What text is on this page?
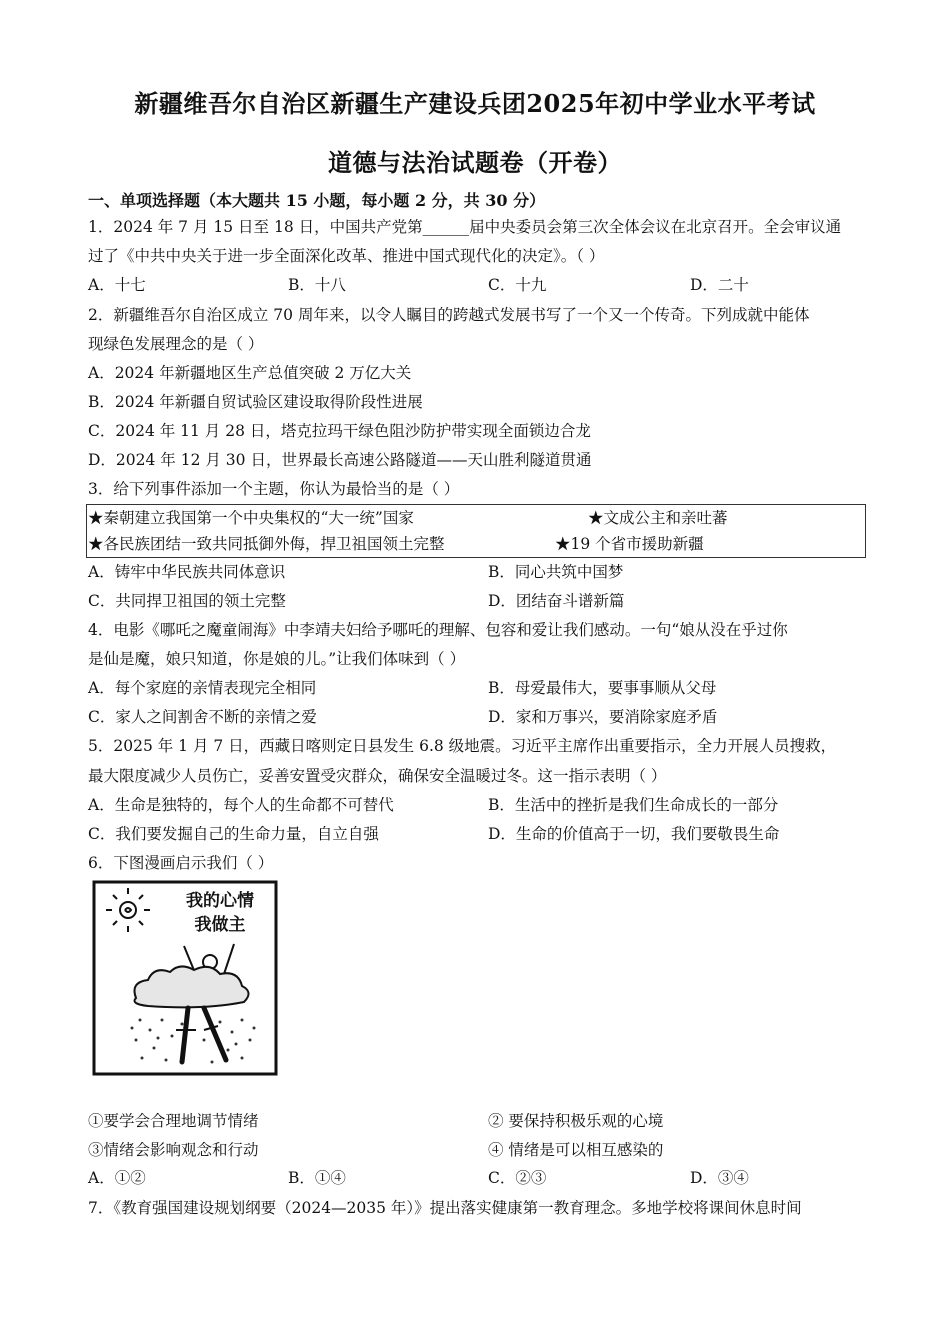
新疆维吾尔自治区新疆生产建设兵团2025年初中学业水平考试
道德与法治试题卷（开卷）
一、单项选择题（本大题共 15 小题，每小题 2 分，共 30 分）
1．2024 年 7 月 15 日至 18 日，中国共产党第______届中央委员会第三次全体会议在北京召开。全会审议通
过了《中共中央关于进一步全面深化改革、推进中国式现代化的决定》。（ ）
A．十七	B．十八	C．十九	D．二十
2．新疆维吾尔自治区成立 70 周年来，以令人瞩目的跨越式发展书写了一个又一个传奇。下列成就中能体
现绿色发展理念的是（ ）
A．2024 年新疆地区生产总值突破 2 万亿大关
B．2024 年新疆自贸试验区建设取得阶段性进展
C．2024 年 11 月 28 日，塔克拉玛干绿色阻沙防护带实现全面锁边合龙
D．2024 年 12 月 30 日，世界最长高速公路隧道——天山胜利隧道贯通
3．给下列事件添加一个主题，你认为最恰当的是（ ）
★秦朝建立我国第一个中央集权的“大一统”国家	★文成公主和亲吐蕃
★各民族团结一致共同抵御外侮，捍卫祖国领土完整	★19 个省市援助新疆
A．铸牢中华民族共同体意识	B．同心共筑中国梦
C．共同捍卫祖国的领土完整	D．团结奋斗谱新篇
4．电影《哪吒之魔童闹海》中李靖夫妇给予哪吒的理解、包容和爱让我们感动。一句“娘从没在乎过你
是仙是魔，娘只知道，你是娘的儿。”让我们体味到（ ）
A．每个家庭的亲情表现完全相同	B．母爱最伟大，要事事顺从父母
C．家人之间割舍不断的亲情之爱	D．家和万事兴，要消除家庭矛盾
5．2025 年 1 月 7 日，西藏日喀则定日县发生 6.8 级地震。习近平主席作出重要指示，全力开展人员搜救，
最大限度减少人员伤亡，妥善安置受灾群众，确保安全温暖过冬。这一指示表明（ ）
A．生命是独特的，每个人的生命都不可替代	B．生活中的挫折是我们生命成长的一部分
C．我们要发掘自己的生命力量，自立自强	D．生命的价值高于一切，我们要敬畏生命
6．下图漫画启示我们（ ）
我的心情
我做主
①要学会合理地调节情绪	② 要保持积极乐观的心境
③情绪会影响观念和行动	④ 情绪是可以相互感染的
A．①②	B．①④	C．②③	D．③④
7．《教育强国建设规划纲要（2024—2035 年）》提出落实健康第一教育理念。多地学校将课间休息时间
